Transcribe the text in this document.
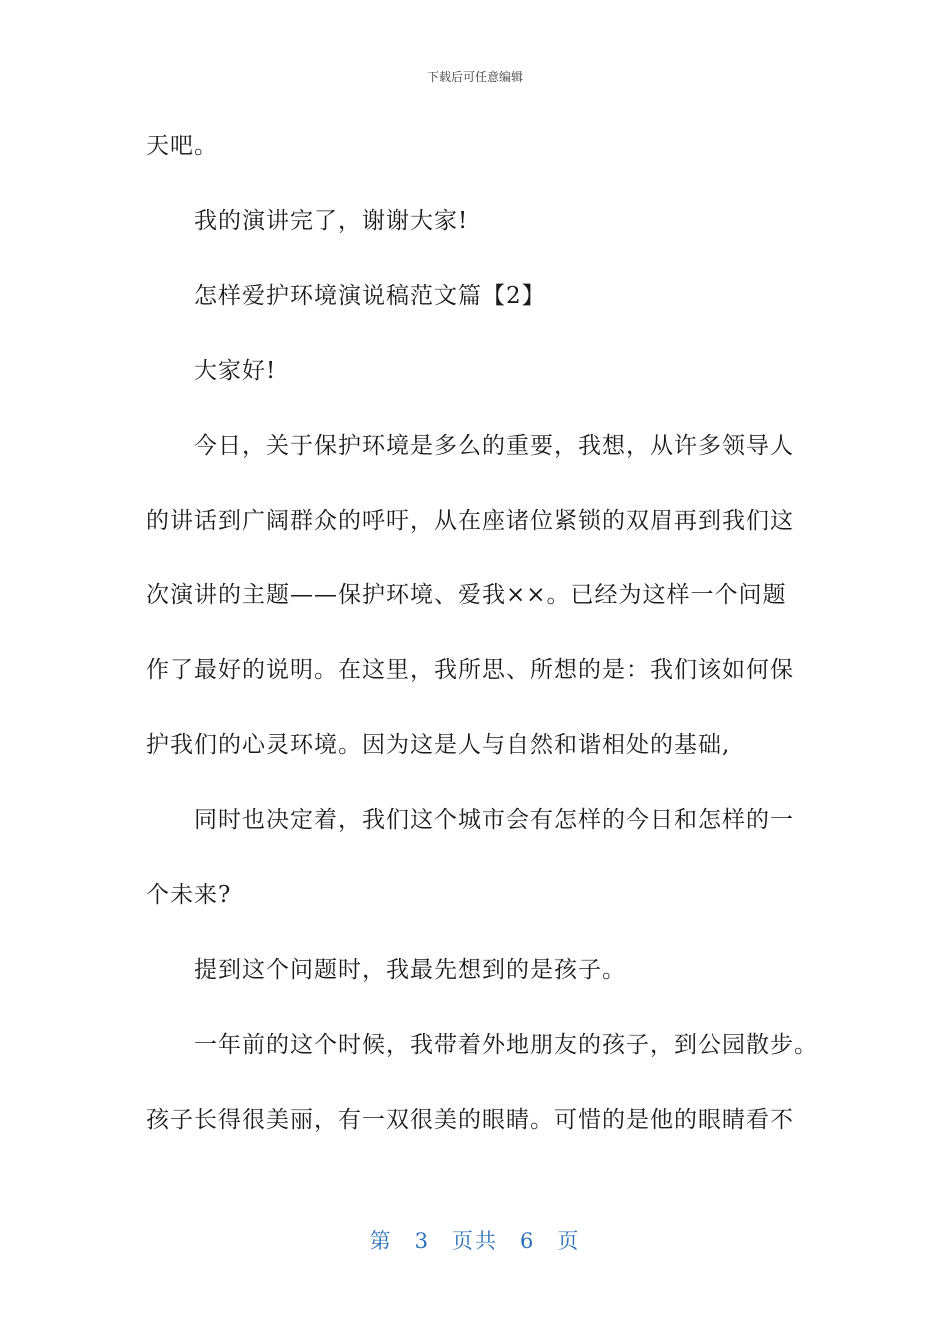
下载后可任意编辑
天吧。
我的演讲完了，谢谢大家!
怎样爱护环境演说稿范文篇【2】
大家好!
今日，关于保护环境是多么的重要，我想，从许多领导人
的讲话到广阔群众的呼吁，从在座诸位紧锁的双眉再到我们这
次演讲的主题——保护环境、爱我××。已经为这样一个问题
作了最好的说明。在这里，我所思、所想的是：我们该如何保
护我们的心灵环境。因为这是人与自然和谐相处的基础,
同时也决定着，我们这个城市会有怎样的今日和怎样的一
个未来?
提到这个问题时，我最先想到的是孩子。
一年前的这个时候，我带着外地朋友的孩子，到公园散步。
孩子长得很美丽，有一双很美的眼睛。可惜的是他的眼睛看不
第 3 页共 6 页
